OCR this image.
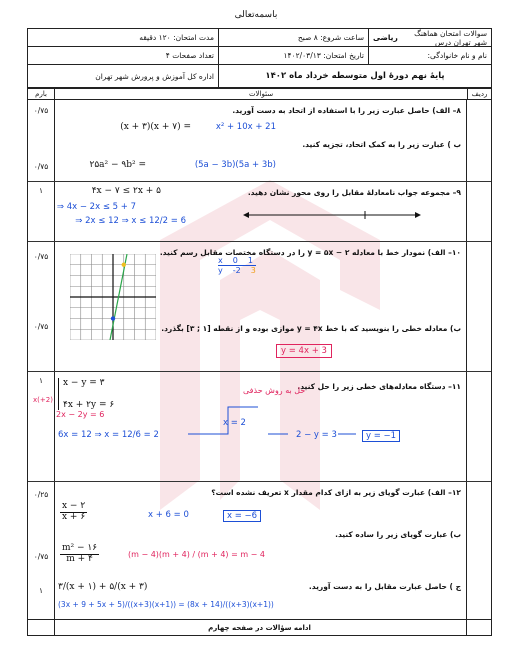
باسمه‌تعالی
سوالات امتحان هماهنگ شهر تهران درس

ریاضی
ساعت شروع: ۸ صبح
مدت امتحان: ۱۲۰ دقیقه
نام و نام خانوادگی:
تاریخ امتحان: ۱۴۰۲/۰۳/۱۳
تعداد صفحات ۴
پایهٔ نهم دورهٔ اول متوسطه خرداد ماه ۱۴۰۲
اداره کل آموزش و پرورش شهر تهران
ردیف
سئوالات
بارم
۸– الف) حاصل عبارت زیر را با استفاده از اتحاد به دست آورید.
(x + ۳)(x + ۷) =	x² + 10x + 21
۰/۷۵
ب ) عبارت زیر را به کمک اتحاد، تجزیه کنید.
۲۵a² − ۹b² =	(5a − 3b)(5a + 3b)
۰/۷۵
۹– مجموعه جواب نامعادلهٔ مقابل را روی محور نشان دهید.
۴x − ۷ ≤ ۲x + ۵
۱
⇒ 4x − 2x ≤ 5 + 7
⇒ 2x ≤ 12 ⇒ x ≤ 12/2 = 6
۱۰– الف) نمودار خط با معادله y = ۵x − ۲ را در دستگاه مختصات مقابل رسم کنید.
۰/۷۵	x 0 1
y -2 3
ب) معادله خطی را بنویسید که با خط y = ۴x موازی بوده و از نقطه [۱ ; ۳] بگذرد.
۰/۷۵
y = 4x + 3
۱۱– دستگاه معادله‌های خطی زیر را حل کنید.
۱	x − y = ۳
۴x + ۲y = ۶
x(+2)
2x − 2y = 6
6x = 12 ⇒ x = 12/6 = 2
حل به روش حذفی
x = 2
2 − y = 3	y = −1
۱۲– الف) عبارت گویای زیر به ازای کدام مقدار x تعریف نشده است؟
۰/۲۵
$\frac{x - ۲}{x + ۶}$	x + 6 = 0	x = −6
ب) عبارت گویای زیر را ساده کنید.
۰/۷۵	$\frac{\text{m² − ۱۶}}{m + ۴}$	(m − 4)(m + 4) / (m + 4) = m − 4
ج ) حاصل عبارت مقابل را به دست آورید.
۱	۳/(x + ۱) + ۵/(x + ۳)
(3x + 9 + 5x + 5)/((x+3)(x+1)) = (8x + 14)/((x+3)(x+1))
ادامه سؤالات در صفحه چهارم
